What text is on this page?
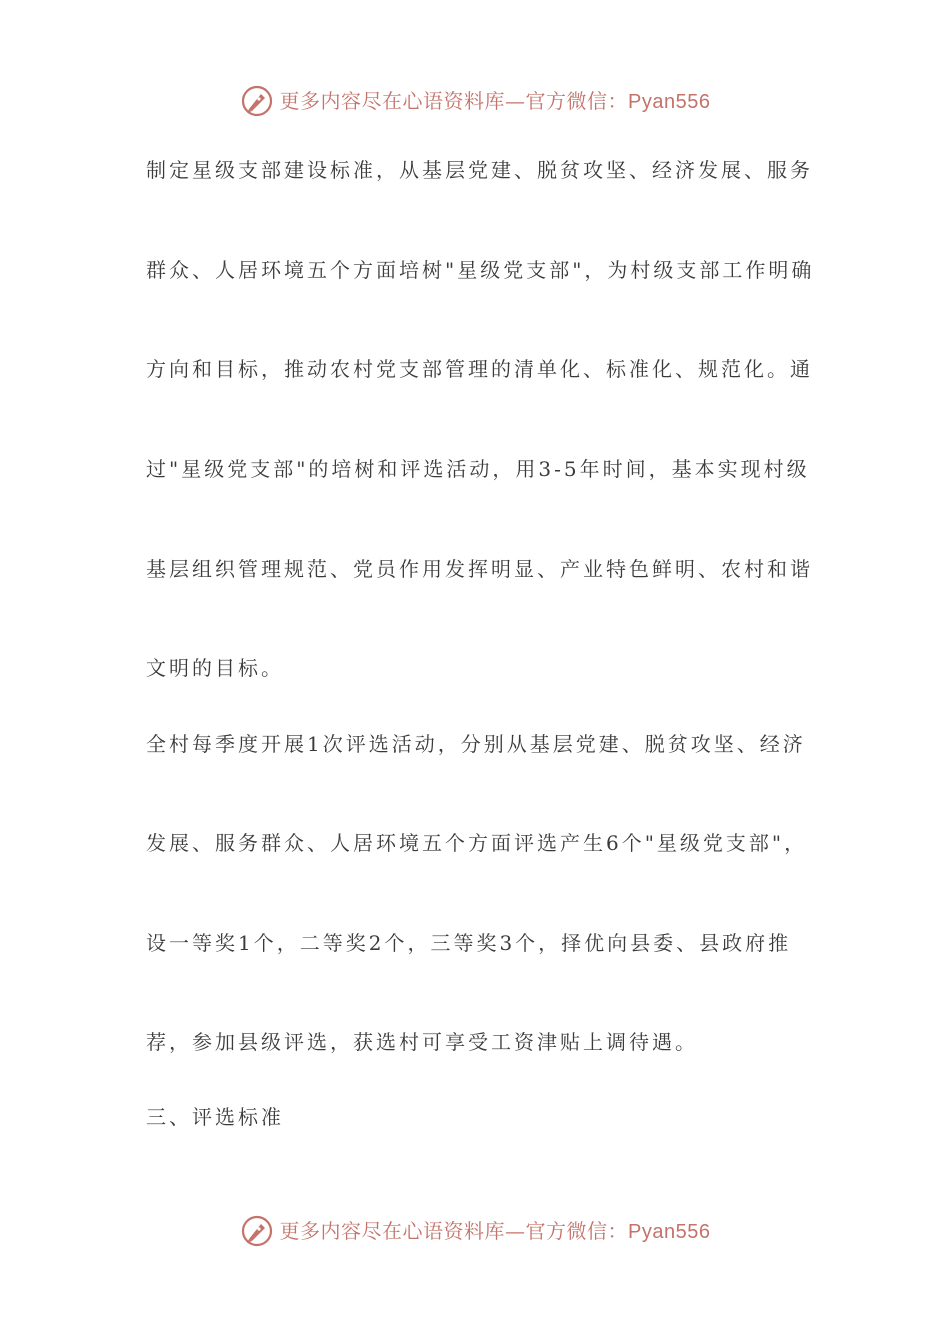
更多内容尽在心语资料库—官方微信：Pyan556
制定星级支部建设标准，从基层党建、脱贫攻坚、经济发展、服务
群众、人居环境五个方面培树"星级党支部"，为村级支部工作明确
方向和目标，推动农村党支部管理的清单化、标准化、规范化。通
过"星级党支部"的培树和评选活动，用3-5年时间，基本实现村级
基层组织管理规范、党员作用发挥明显、产业特色鲜明、农村和谐
文明的目标。
全村每季度开展1次评选活动，分别从基层党建、脱贫攻坚、经济
发展、服务群众、人居环境五个方面评选产生6个"星级党支部"，
设一等奖1个，二等奖2个，三等奖3个，择优向县委、县政府推
荐，参加县级评选，获选村可享受工资津贴上调待遇。
三、评选标准
更多内容尽在心语资料库—官方微信：Pyan556
